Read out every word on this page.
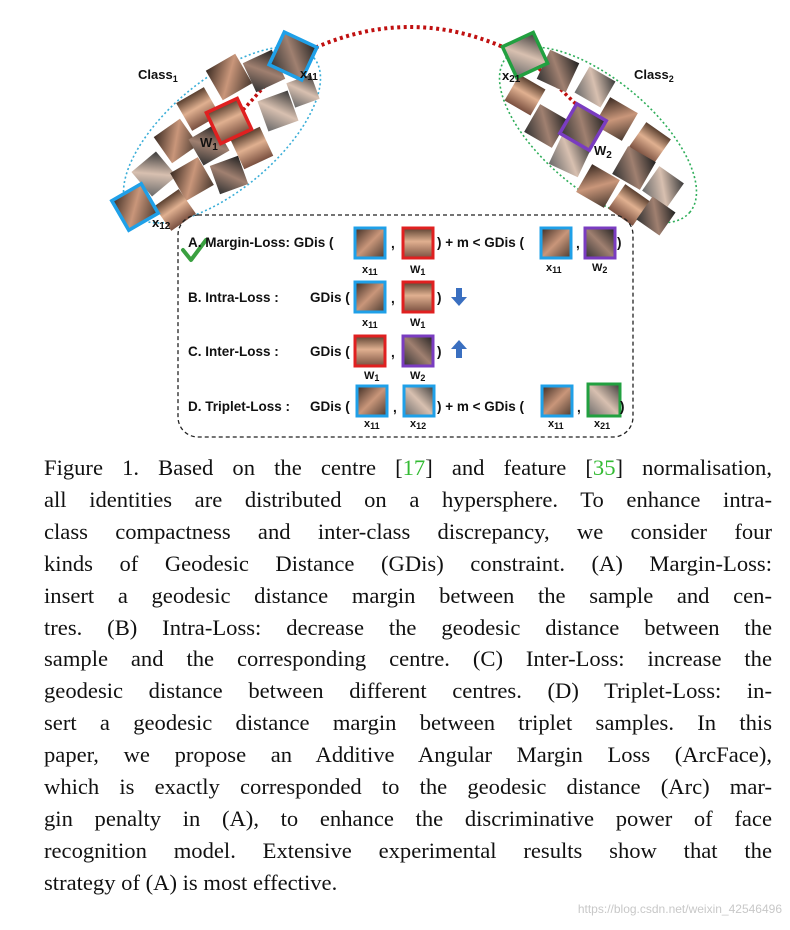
Class$_1$	Class$_2$
x11	x21
$W_1$	$W_2$
x12
A. Margin-Loss: GDis (	,	) + m < GDis (	,	)
x11	W1	x11	W2
B. Intra-Loss : GDis (	,	)
x11	W1
C. Inter-Loss : GDis (	,	)
W1	W2
D. Triplet-Loss : GDis (	,	) + m < GDis (	,	)
x11	x12	x11	x21
Figure 1. Based on the centre [17] and feature [35] normalisation,
all identities are distributed on a hypersphere. To enhance intra-
class compactness and inter-class discrepancy, we consider four
kinds of Geodesic Distance (GDis) constraint. (A) Margin-Loss:
insert a geodesic distance margin between the sample and cen-
tres. (B) Intra-Loss: decrease the geodesic distance between the
sample and the corresponding centre. (C) Inter-Loss: increase the
geodesic distance between different centres. (D) Triplet-Loss: in-
sert a geodesic distance margin between triplet samples. In this
paper, we propose an Additive Angular Margin Loss (ArcFace),
which is exactly corresponded to the geodesic distance (Arc) mar-
gin penalty in (A), to enhance the discriminative power of face
recognition model. Extensive experimental results show that the
strategy of (A) is most effective.
https://blog.csdn.net/weixin_42546496
